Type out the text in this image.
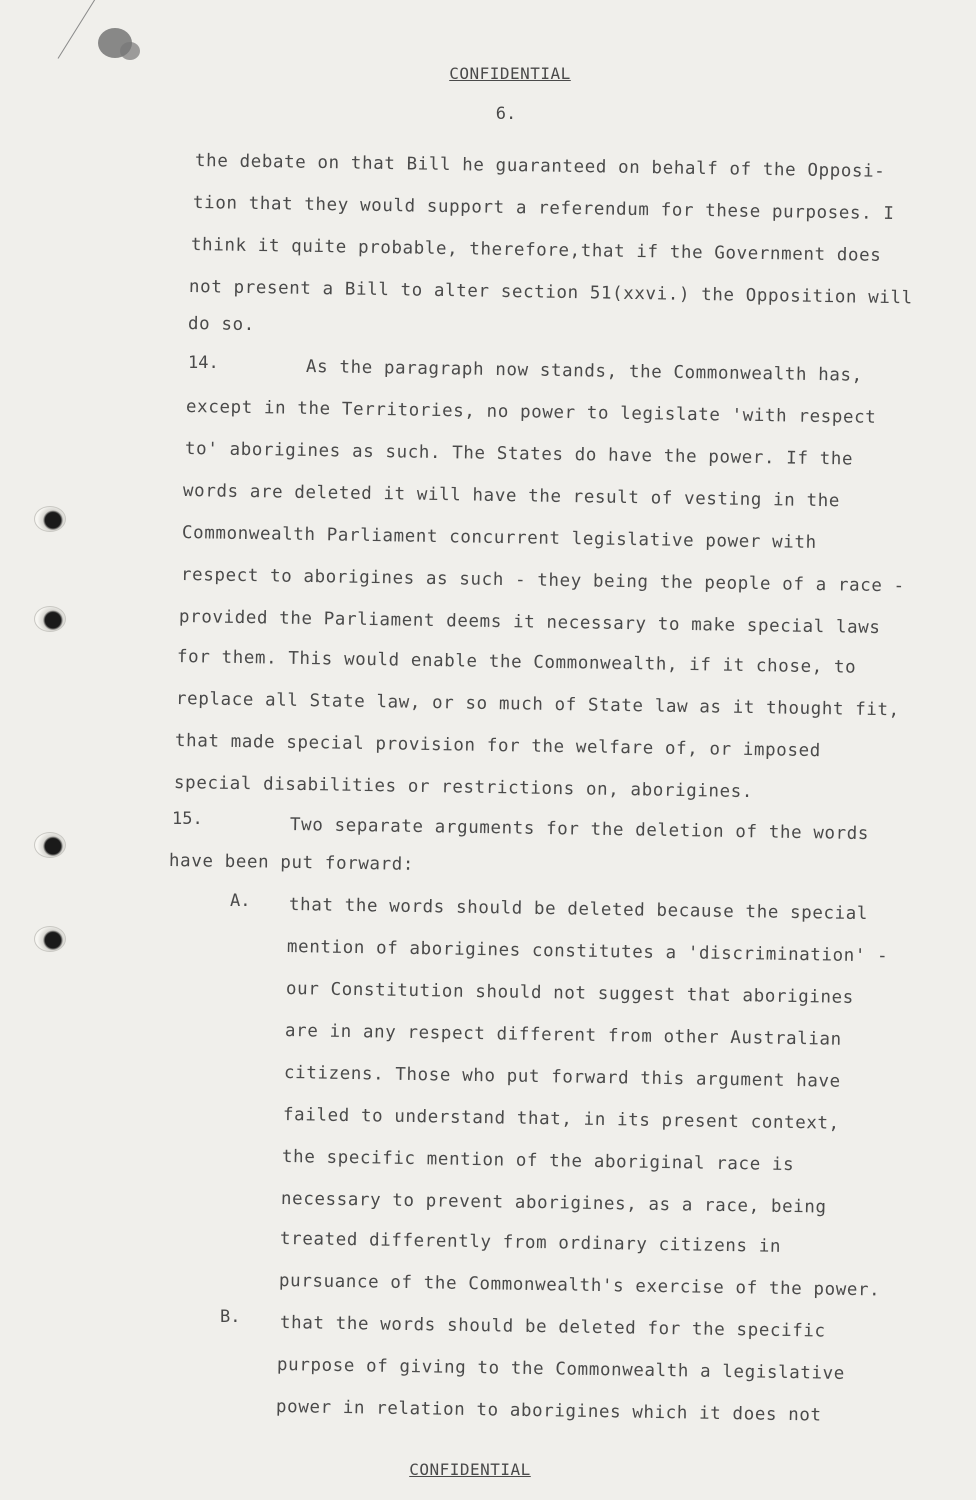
CONFIDENTIAL
6.
the debate on that Bill he guaranteed on behalf of the Opposi-
tion that they would support a referendum for these purposes. I
think it quite probable, therefore,that if the Government does
not present a Bill to alter section 51(xxvi.) the Opposition will
do so.
14.	As the paragraph now stands, the Commonwealth has,
except in the Territories, no power to legislate 'with respect
to' aborigines as such. The States do have the power. If the
words are deleted it will have the result of vesting in the
Commonwealth Parliament concurrent legislative power with
respect to aborigines as such - they being the people of a race -
provided the Parliament deems it necessary to make special laws
for them. This would enable the Commonwealth, if it chose, to
replace all State law, or so much of State law as it thought fit,
that made special provision for the welfare of, or imposed
special disabilities or restrictions on, aborigines.
15.	Two separate arguments for the deletion of the words
have been put forward:
A. that the words should be deleted because the special
mention of aborigines constitutes a 'discrimination' -
our Constitution should not suggest that aborigines
are in any respect different from other Australian
citizens. Those who put forward this argument have
failed to understand that, in its present context,
the specific mention of the aboriginal race is
necessary to prevent aborigines, as a race, being
treated differently from ordinary citizens in
pursuance of the Commonwealth's exercise of the power.
B. that the words should be deleted for the specific
purpose of giving to the Commonwealth a legislative
power in relation to aborigines which it does not
CONFIDENTIAL
